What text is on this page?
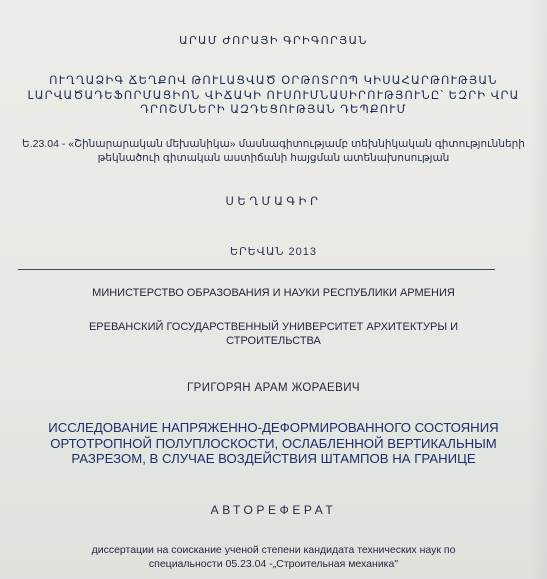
ԱՐԱՄ ԺՈՐԱՅԻ ԳՐԻԳՈՐՅԱՆ
ՈՒՂՂԱՁԻԳ ՃԵՂՔՈՎ ԹՈՒԼԱՑՎԱԾ ՕՐԹՈՏՐՈՊ ԿԻՍԱՀԱՐԹՈՒԹՅԱՆ
ԼԱՐՎԱԾԱԴԵՖՈՐՄԱՑԻՈՆ ՎԻՃԱԿԻ ՈՒՍՈՒՄՆԱՍԻՐՈՒԹՅՈՒՆԸ՝ ԵԶՐԻ ՎՐԱ
ԴՐՈՇՄՆԵՐԻ ԱԶԴԵՑՈՒԹՅԱՆ ԴԵՊՔՈՒՄ
Ե.23.04 - «Շինարարական մեխանիկա» մասնագիտությամբ տեխնիկական գիտությունների
թեկնածուի գիտական աստիճանի հայցման ատենախոսության
ՍԵՂՄԱԳԻՐ
ԵՐԵՎԱՆ 2013
МИНИСТЕРСТВО ОБРАЗОВАНИЯ И НАУКИ РЕСПУБЛИКИ АРМЕНИЯ
ЕРЕВАНСКИЙ ГОСУДАРСТВЕННЫЙ УНИВЕРСИТЕТ АРХИТЕКТУРЫ И
СТРОИТЕЛЬСТВА
ГРИГОРЯН АРАМ ЖОРАЕВИЧ
ИССЛЕДОВАНИЕ НАПРЯЖЕННО-ДЕФОРМИРОВАННОГО СОСТОЯНИЯ
ОРТОТРОПНОЙ ПОЛУПЛОСКОСТИ, ОСЛАБЛЕННОЙ ВЕРТИКАЛЬНЫМ
РАЗРЕЗОМ, В СЛУЧАЕ ВОЗДЕЙСТВИЯ ШТАМПОВ НА ГРАНИЦЕ
АВТОРЕФЕРАТ
диссертации на соискание ученой степени кандидата технических наук по
специальности 05.23.04 -„Строительная механика"
